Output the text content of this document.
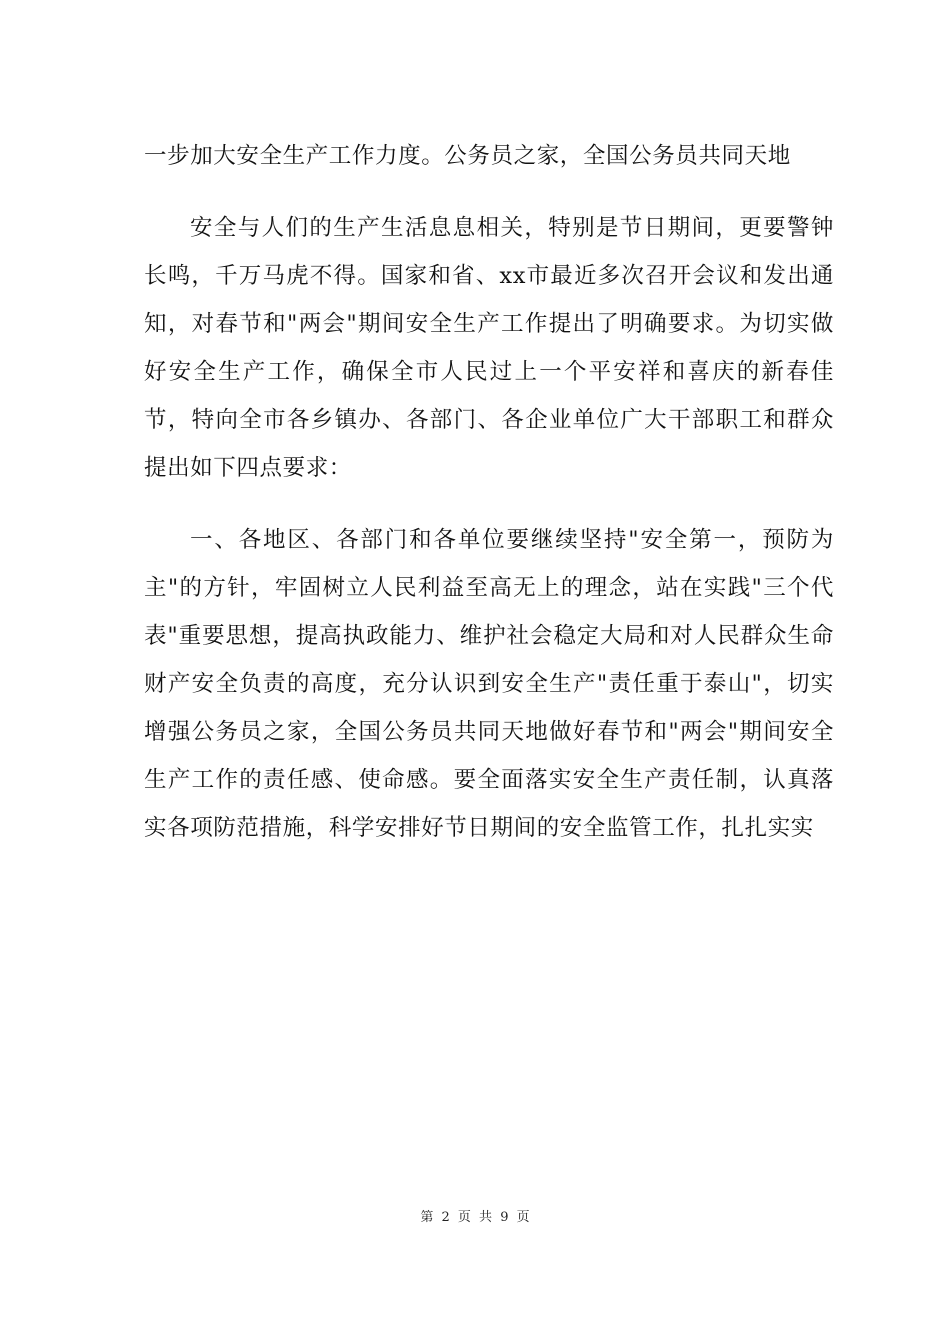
一步加大安全生产工作力度。公务员之家，全国公务员共同天地

安全与人们的生产生活息息相关，特别是节日期间，更要警钟长鸣，千万马虎不得。国家和省、xx市最近多次召开会议和发出通知，对春节和"两会"期间安全生产工作提出了明确要求。为切实做好安全生产工作，确保全市人民过上一个平安祥和喜庆的新春佳节，特向全市各乡镇办、各部门、各企业单位广大干部职工和群众提出如下四点要求：

一、各地区、各部门和各单位要继续坚持"安全第一，预防为主"的方针，牢固树立人民利益至高无上的理念，站在实践"三个代表"重要思想，提高执政能力、维护社会稳定大局和对人民群众生命财产安全负责的高度，充分认识到安全生产"责任重于泰山"，切实增强公务员之家，全国公务员共同天地做好春节和"两会"期间安全生产工作的责任感、使命感。要全面落实安全生产责任制，认真落实各项防范措施，科学安排好节日期间的安全监管工作，扎扎实实

第 2 页 共 9 页
